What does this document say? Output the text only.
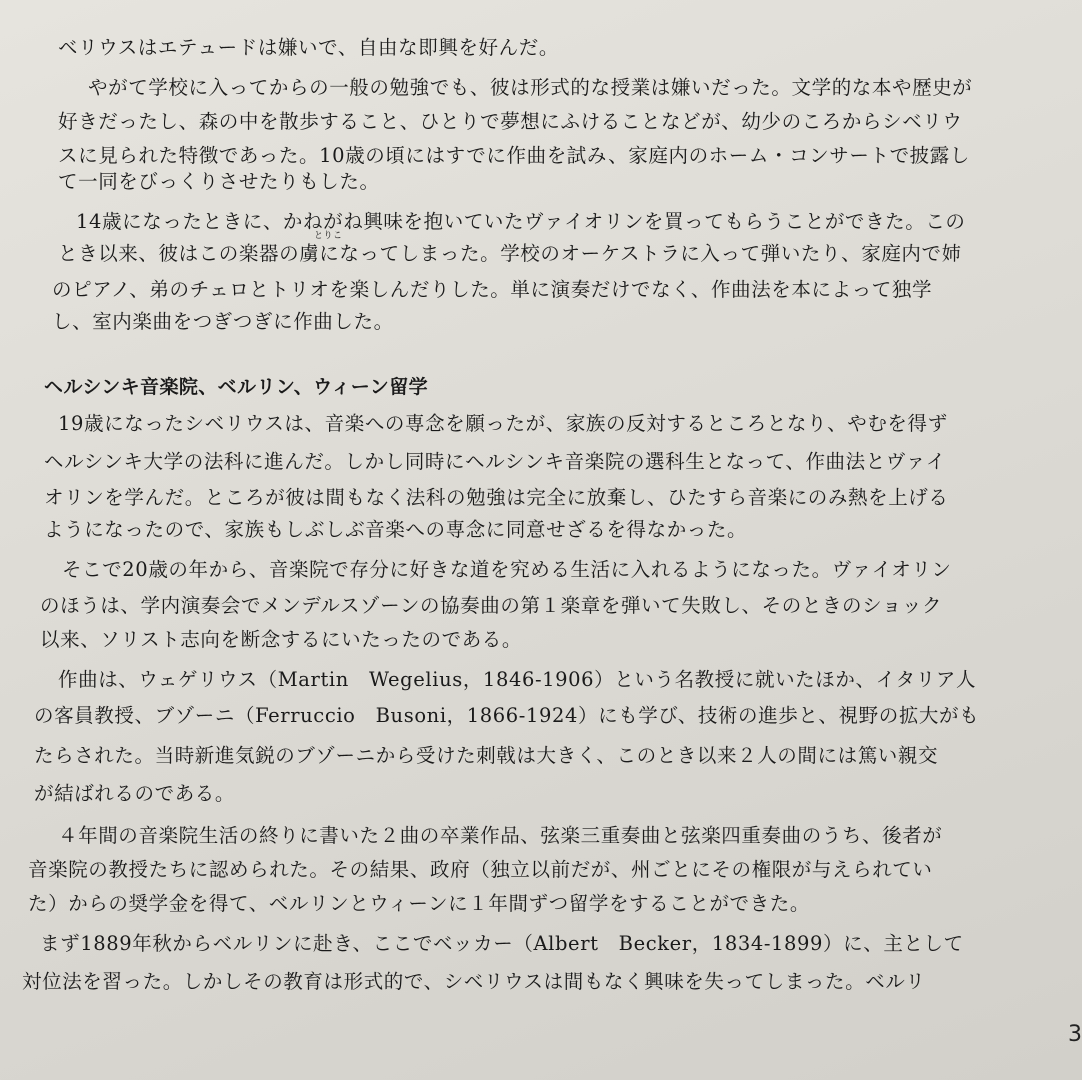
ベリウスはエテュードは嫌いで、自由な即興を好んだ。
やがて学校に入ってからの一般の勉強でも、彼は形式的な授業は嫌いだった。文学的な本や歴史が
好きだったし、森の中を散歩すること、ひとりで夢想にふけることなどが、幼少のころからシベリウ
スに見られた特徴であった。10歳の頃にはすでに作曲を試み、家庭内のホーム・コンサートで披露し
て一同をびっくりさせたりもした。
とりこ
14歳になったときに、かねがね興味を抱いていたヴァイオリンを買ってもらうことができた。この
とき以来、彼はこの楽器の虜になってしまった。学校のオーケストラに入って弾いたり、家庭内で姉
のピアノ、弟のチェロとトリオを楽しんだりした。単に演奏だけでなく、作曲法を本によって独学
し、室内楽曲をつぎつぎに作曲した。
ヘルシンキ音楽院、ベルリン、ウィーン留学
19歳になったシベリウスは、音楽への専念を願ったが、家族の反対するところとなり、やむを得ず
ヘルシンキ大学の法科に進んだ。しかし同時にヘルシンキ音楽院の選科生となって、作曲法とヴァイ
オリンを学んだ。ところが彼は間もなく法科の勉強は完全に放棄し、ひたすら音楽にのみ熱を上げる
ようになったので、家族もしぶしぶ音楽への専念に同意せざるを得なかった。
そこで20歳の年から、音楽院で存分に好きな道を究める生活に入れるようになった。ヴァイオリン
のほうは、学内演奏会でメンデルスゾーンの協奏曲の第１楽章を弾いて失敗し、そのときのショック
以来、ソリスト志向を断念するにいたったのである。
作曲は、ウェゲリウス（Martin　Wegelius，1846-1906）という名教授に就いたほか、イタリア人
の客員教授、ブゾーニ（Ferruccio　Busoni，1866-1924）にも学び、技術の進歩と、視野の拡大がも
たらされた。当時新進気鋭のブゾーニから受けた刺戟は大きく、このとき以来２人の間には篤い親交
が結ばれるのである。
４年間の音楽院生活の終りに書いた２曲の卒業作品、弦楽三重奏曲と弦楽四重奏曲のうち、後者が
音楽院の教授たちに認められた。その結果、政府（独立以前だが、州ごとにその権限が与えられてい
た）からの奨学金を得て、ベルリンとウィーンに１年間ずつ留学をすることができた。
まず1889年秋からベルリンに赴き、ここでベッカー（Albert　Becker，1834-1899）に、主として
対位法を習った。しかしその教育は形式的で、シベリウスは間もなく興味を失ってしまった。ベルリ
3
